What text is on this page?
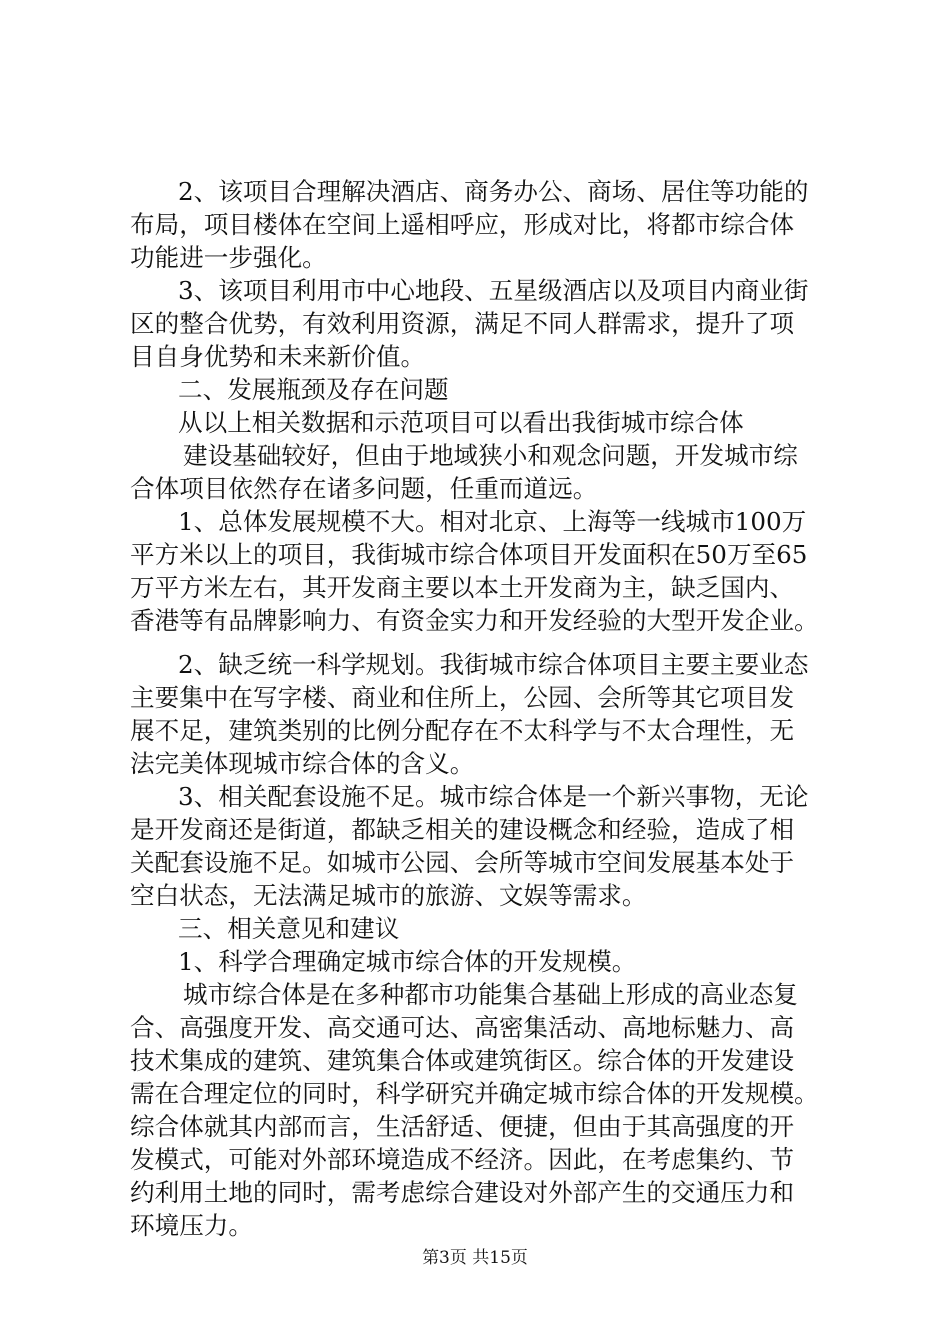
2、该项目合理解决酒店、商务办公、商场、居住等功能的
布局，项目楼体在空间上遥相呼应，形成对比，将都市综合体
功能进一步强化。
3、该项目利用市中心地段、五星级酒店以及项目内商业街
区的整合优势，有效利用资源，满足不同人群需求，提升了项
目自身优势和未来新价值。
二、发展瓶颈及存在问题
从以上相关数据和示范项目可以看出我街城市综合体
建设基础较好，但由于地域狭小和观念问题，开发城市综
合体项目依然存在诸多问题，任重而道远。
1、总体发展规模不大。相对北京、上海等一线城市100万
平方米以上的项目，我街城市综合体项目开发面积在50万至65
万平方米左右，其开发商主要以本土开发商为主，缺乏国内、
香港等有品牌影响力、有资金实力和开发经验的大型开发企业。
2、缺乏统一科学规划。我街城市综合体项目主要主要业态
主要集中在写字楼、商业和住所上，公园、会所等其它项目发
展不足，建筑类别的比例分配存在不太科学与不太合理性，无
法完美体现城市综合体的含义。
3、相关配套设施不足。城市综合体是一个新兴事物，无论
是开发商还是街道，都缺乏相关的建设概念和经验，造成了相
关配套设施不足。如城市公园、会所等城市空间发展基本处于
空白状态，无法满足城市的旅游、文娱等需求。
三、相关意见和建议
1、科学合理确定城市综合体的开发规模。
城市综合体是在多种都市功能集合基础上形成的高业态复
合、高强度开发、高交通可达、高密集活动、高地标魅力、高
技术集成的建筑、建筑集合体或建筑街区。综合体的开发建设
需在合理定位的同时，科学研究并确定城市综合体的开发规模。
综合体就其内部而言，生活舒适、便捷，但由于其高强度的开
发模式，可能对外部环境造成不经济。因此，在考虑集约、节
约利用土地的同时，需考虑综合建设对外部产生的交通压力和
环境压力。
第3页 共15页
